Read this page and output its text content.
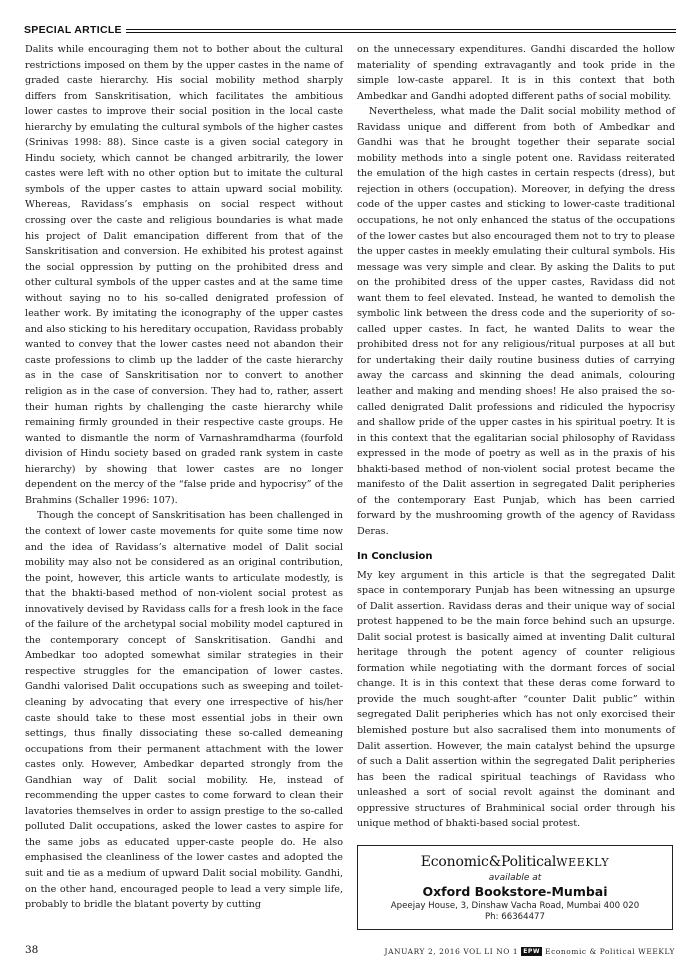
SPECIAL ARTICLE

Dalits while encouraging them not to bother about the cultural restrictions imposed on them by the upper castes in the name of graded caste hierarchy. His social mobility method sharply differs from Sanskritisation, which facilitates the ambitious lower castes to improve their social position in the local caste hierarchy by emulating the cultural symbols of the higher castes (Srinivas 1998: 88). Since caste is a given social category in Hindu society, which cannot be changed arbitrarily, the lower castes were left with no other option but to imitate the cultural symbols of the upper castes to attain upward social mobility. Whereas, Ravidass’s emphasis on social respect without crossing over the caste and religious boundaries is what made his project of Dalit emancipation different from that of the Sanskritisation and conversion. He exhibited his protest against the social oppression by putting on the prohibited dress and other cultural symbols of the upper castes and at the same time without saying no to his so-called denigrated profession of leather work. By imitating the iconography of the upper castes and also sticking to his hereditary occupation, Ravidass probably wanted to convey that the lower castes need not abandon their caste professions to climb up the ladder of the caste hierarchy as in the case of Sanskritisation nor to convert to another religion as in the case of conversion. They had to, rather, assert their human rights by challenging the caste hierarchy while remaining firmly grounded in their respective caste groups. He wanted to dismantle the norm of Varnashramdharma (fourfold division of Hindu society based on graded rank system in caste hierarchy) by showing that lower castes are no longer dependent on the mercy of the “false pride and hypocrisy” of the Brahmins (Schaller 1996: 107).

Though the concept of Sanskritisation has been challenged in the context of lower caste movements for quite some time now and the idea of Ravidass’s alternative model of Dalit social mobility may also not be considered as an original contribution, the point, however, this article wants to articulate modestly, is that the bhakti-based method of non-violent social protest as innovatively devised by Ravidass calls for a fresh look in the face of the failure of the archetypal social mobility model captured in the contemporary concept of Sanskritisation. Gandhi and Ambedkar too adopted somewhat similar strategies in their respective struggles for the emancipation of lower castes. Gandhi valorised Dalit occupations such as sweeping and toilet-cleaning by advocating that every one irrespective of his/her caste should take to these most essential jobs in their own settings, thus finally dissociating these so-called demeaning occupations from their permanent attachment with the lower castes only. However, Ambedkar departed strongly from the Gandhian way of Dalit social mobility. He, instead of recommending the upper castes to come forward to clean their lavatories themselves in order to assign prestige to the so-called polluted Dalit occupations, asked the lower castes to aspire for the same jobs as educated upper-caste people do. He also emphasised the cleanliness of the lower castes and adopted the suit and tie as a medium of upward Dalit social mobility. Gandhi, on the other hand, encouraged people to lead a very simple life, probably to bridle the blatant poverty by cutting

on the unnecessary expenditures. Gandhi discarded the hollow materiality of spending extravagantly and took pride in the simple low-caste apparel. It is in this context that both Ambedkar and Gandhi adopted different paths of social mobility.

Nevertheless, what made the Dalit social mobility method of Ravidass unique and different from both of Ambedkar and Gandhi was that he brought together their separate social mobility methods into a single potent one. Ravidass reiterated the emulation of the high castes in certain respects (dress), but rejection in others (occupation). Moreover, in defying the dress code of the upper castes and sticking to lower-caste traditional occupations, he not only enhanced the status of the occupations of the lower castes but also encouraged them not to try to please the upper castes in meekly emulating their cultural symbols. His message was very simple and clear. By asking the Dalits to put on the prohibited dress of the upper castes, Ravidass did not want them to feel elevated. Instead, he wanted to demolish the symbolic link between the dress code and the superiority of so-called upper castes. In fact, he wanted Dalits to wear the prohibited dress not for any religious/ritual purposes at all but for undertaking their daily routine business duties of carrying away the carcass and skinning the dead animals, colouring leather and making and mending shoes! He also praised the so-called denigrated Dalit professions and ridiculed the hypocrisy and shallow pride of the upper castes in his spiritual poetry. It is in this context that the egalitarian social philosophy of Ravidass expressed in the mode of poetry as well as in the praxis of his bhakti-based method of non-violent social protest became the manifesto of the Dalit assertion in segregated Dalit peripheries of the contemporary East Punjab, which has been carried forward by the mushrooming growth of the agency of Ravidass Deras.

In Conclusion

My key argument in this article is that the segregated Dalit space in contemporary Punjab has been witnessing an upsurge of Dalit assertion. Ravidass deras and their unique way of social protest happened to be the main force behind such an upsurge. Dalit social protest is basically aimed at inventing Dalit cultural heritage through the potent agency of counter religious formation while negotiating with the dormant forces of social change. It is in this context that these deras come forward to provide the much sought-after “counter Dalit public” within segregated Dalit peripheries which has not only exorcised their blemished posture but also sacralised them into monuments of Dalit assertion. However, the main catalyst behind the upsurge of such a Dalit assertion within the segregated Dalit peripheries has been the radical spiritual teachings of Ravidass who unleashed a sort of social revolt against the dominant and oppressive structures of Brahminical social order through his unique method of bhakti-based social protest.

Economic&PoliticalWEEKLY
available at
Oxford Bookstore-Mumbai
Apeejay House, 3, Dinshaw Vacha Road, Mumbai 400 020
Ph: 66364477
38	JANUARY 2, 2016 VOL LI NO 1 EPW Economic & Political WEEKLY
